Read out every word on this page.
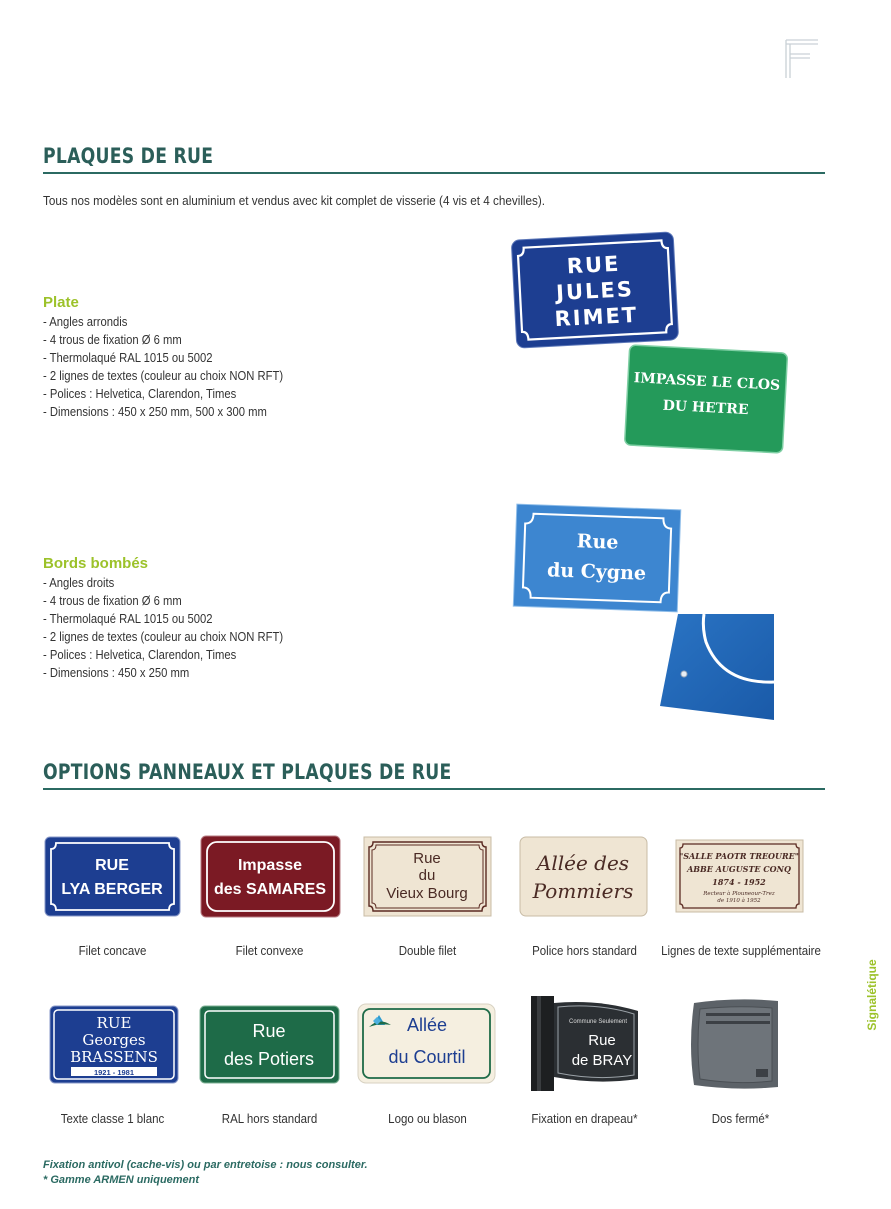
PLAQUES DE RUE
Tous nos modèles sont en aluminium et vendus avec kit complet de visserie (4 vis et 4 chevilles).
Plate
- Angles arrondis
- 4 trous de fixation Ø 6 mm
- Thermolaqué RAL 1015 ou 5002
- 2 lignes de textes (couleur au choix NON RFT)
- Polices : Helvetica, Clarendon, Times
- Dimensions : 450 x 250 mm, 500 x 300 mm
Bords bombés
- Angles droits
- 4 trous de fixation Ø 6 mm
- Thermolaqué RAL 1015 ou 5002
- 2 lignes de textes (couleur au choix NON RFT)
- Polices : Helvetica, Clarendon, Times
- Dimensions : 450 x 250 mm
RUE
JULES
RIMET
IMPASSE LE CLOS
DU HETRE
Rue
du Cygne
OPTIONS PANNEAUX ET PLAQUES DE RUE
RUE
LYA BERGER
Impasse
des SAMARES
Rue
du
Vieux Bourg
Allée des
Pommiers
"SALLE PAOTR TREOURE"
ABBE AUGUSTE CONQ
1874 - 1952
Recteur à Plouneour-Trez
de 1910 à 1952
Filet concave	Filet convexe	Double filet	Police hors standard	Lignes de texte supplémentaire
RUE
Georges
BRASSENS
1921 - 1981
Rue
des Potiers
Allée
du Courtil
Commune Seulement
Rue
de BRAY
Texte classe 1 blanc	RAL hors standard	Logo ou blason	Fixation en drapeau*	Dos fermé*
Fixation antivol (cache-vis) ou par entretoise : nous consulter.
* Gamme ARMEN uniquement
Signalétique
